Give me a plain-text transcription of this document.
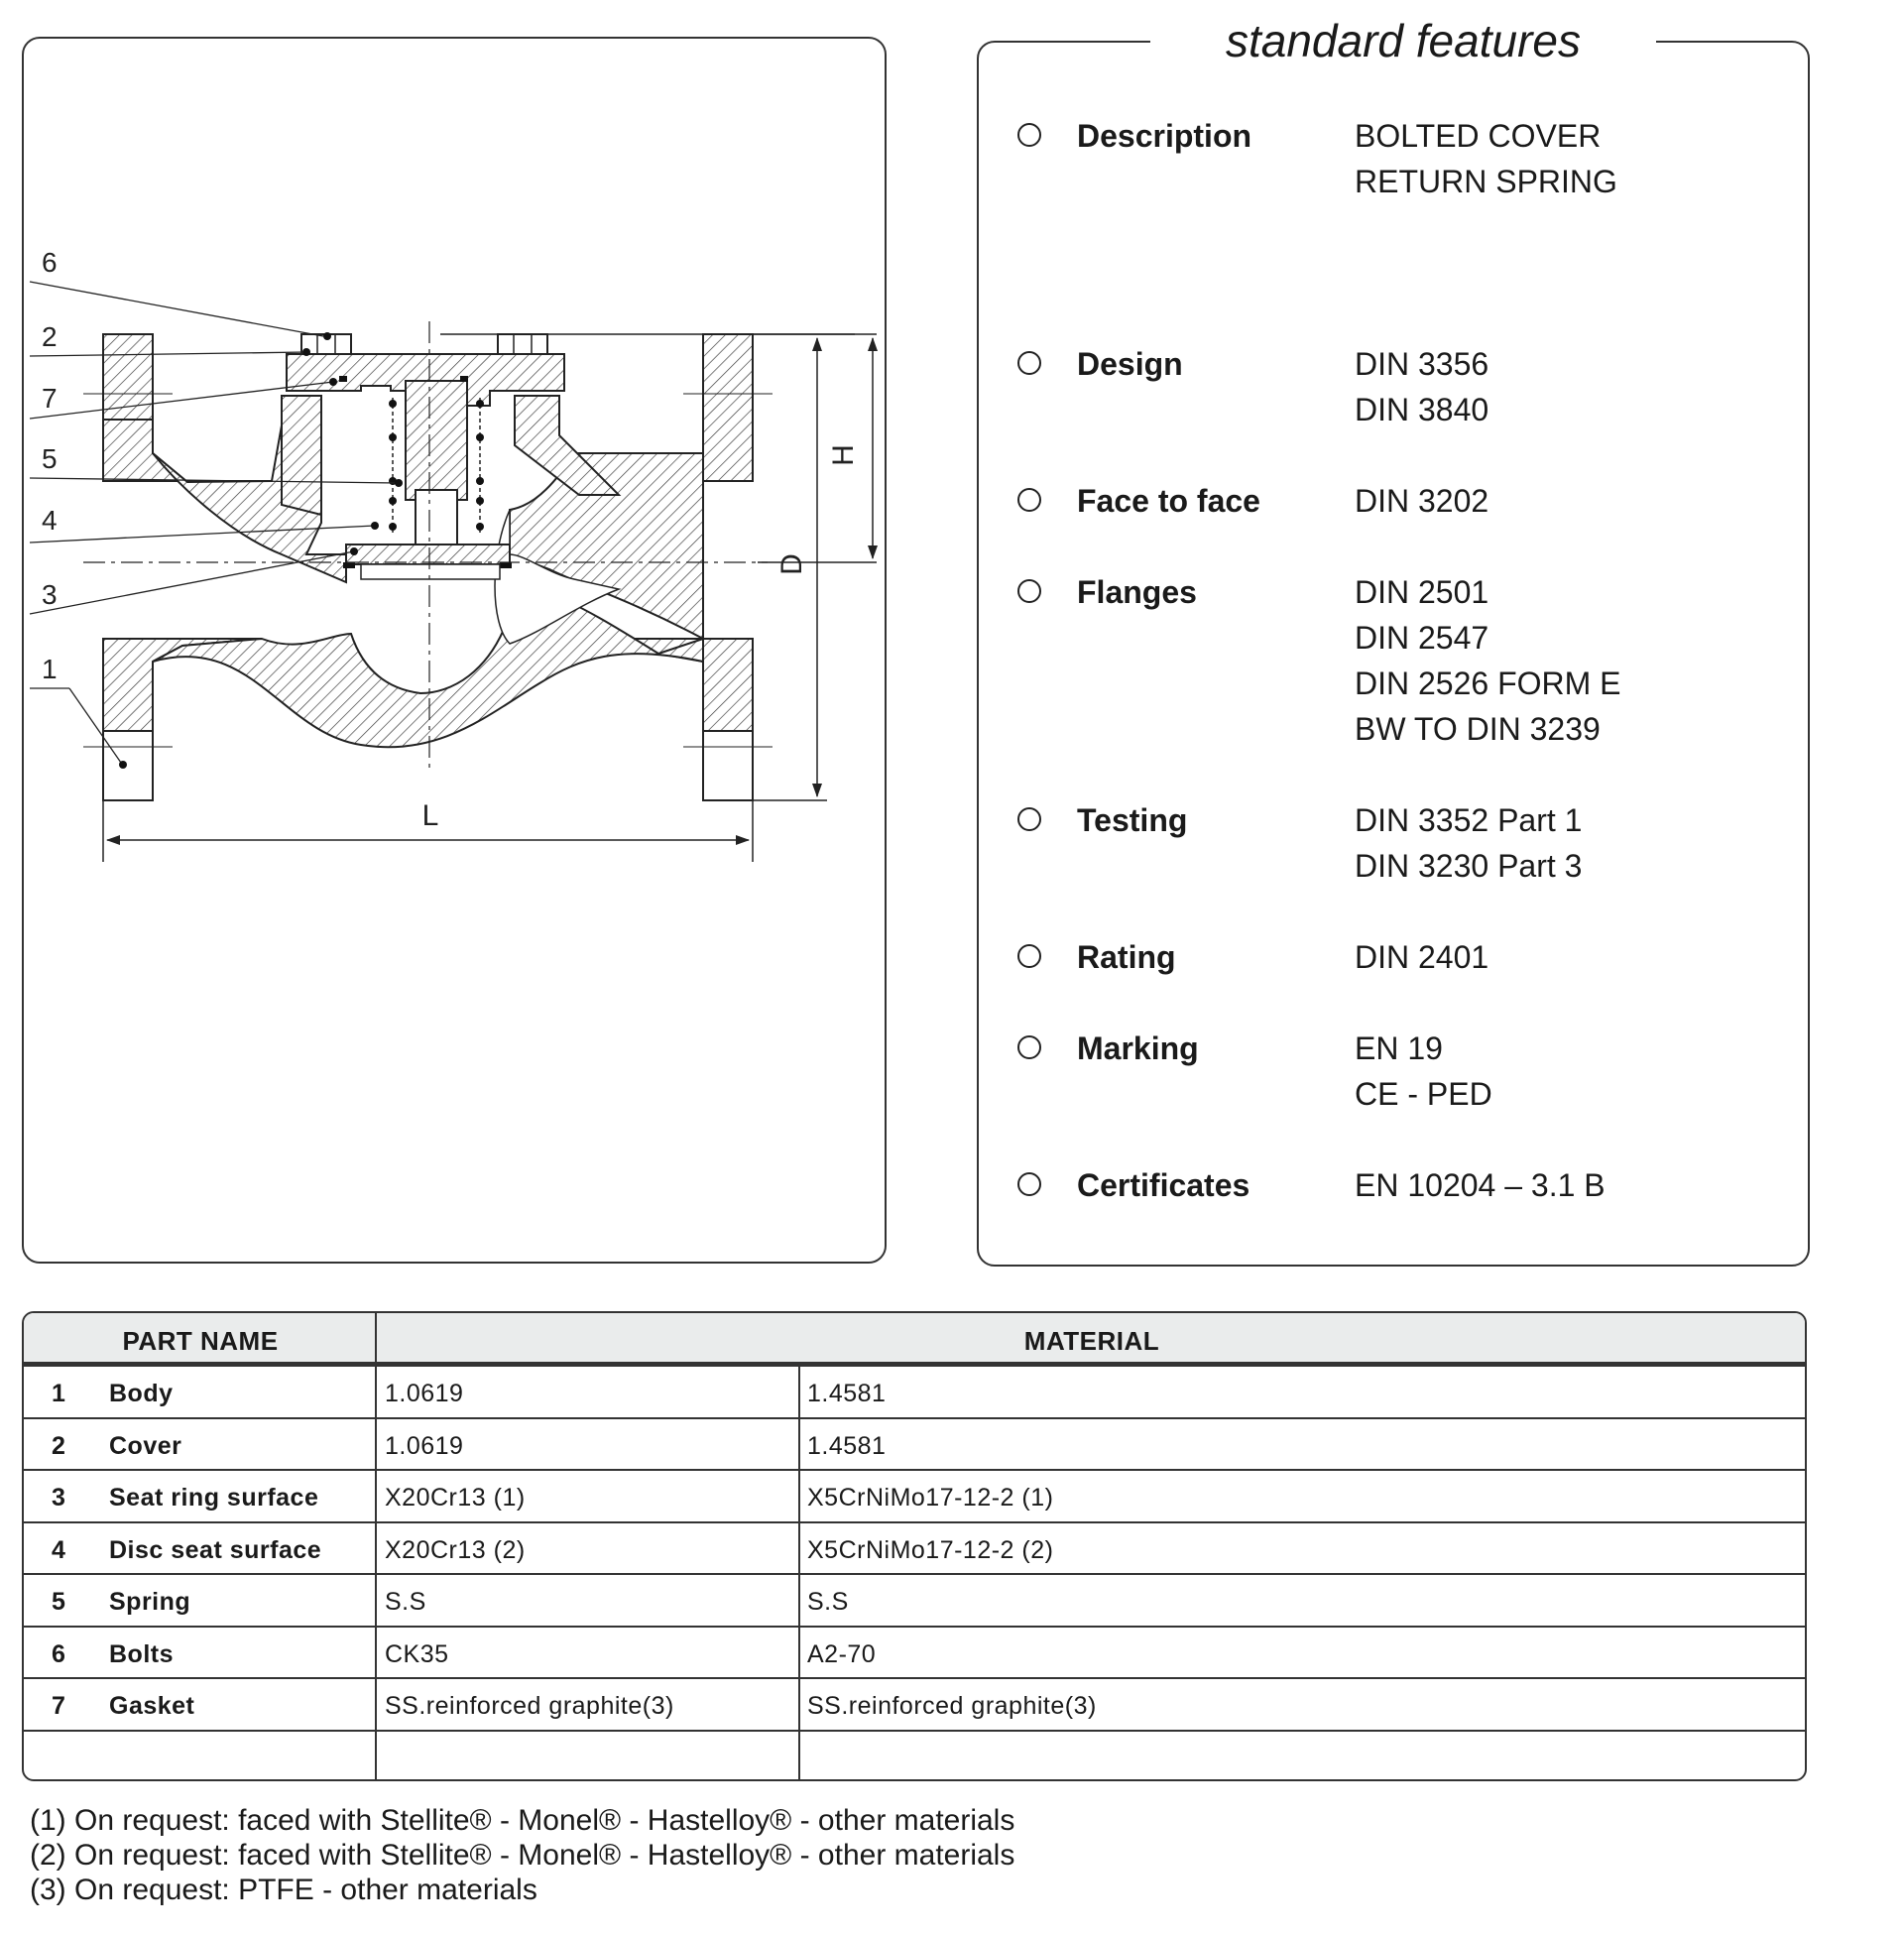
6
2
7
5
4
3
1
H
D
L
standard features
Description	BOLTED COVER
RETURN SPRING
Design	DIN 3356
DIN 3840
Face to face	DIN 3202
Flanges	DIN 2501
DIN 2547
DIN 2526 FORM E
BW TO DIN 3239
Testing	DIN 3352 Part 1
DIN 3230 Part 3
Rating	DIN 2401
Marking	EN 19
CE - PED
Certificates	EN 10204 – 3.1 B
PART NAME	MATERIAL
1	Body	1.0619	1.4581
2	Cover	1.0619	1.4581
3	Seat ring surface	X20Cr13 (1)	X5CrNiMo17-12-2 (1)
4	Disc seat surface	X20Cr13 (2)	X5CrNiMo17-12-2 (2)
5	Spring	S.S	S.S
6	Bolts	CK35	A2-70
7	Gasket	SS.reinforced graphite(3)	SS.reinforced graphite(3)
(1) On request: faced with Stellite® - Monel® - Hastelloy® - other materials
(2) On request: faced with Stellite® - Monel® - Hastelloy® - other materials
(3) On request: PTFE - other materials
